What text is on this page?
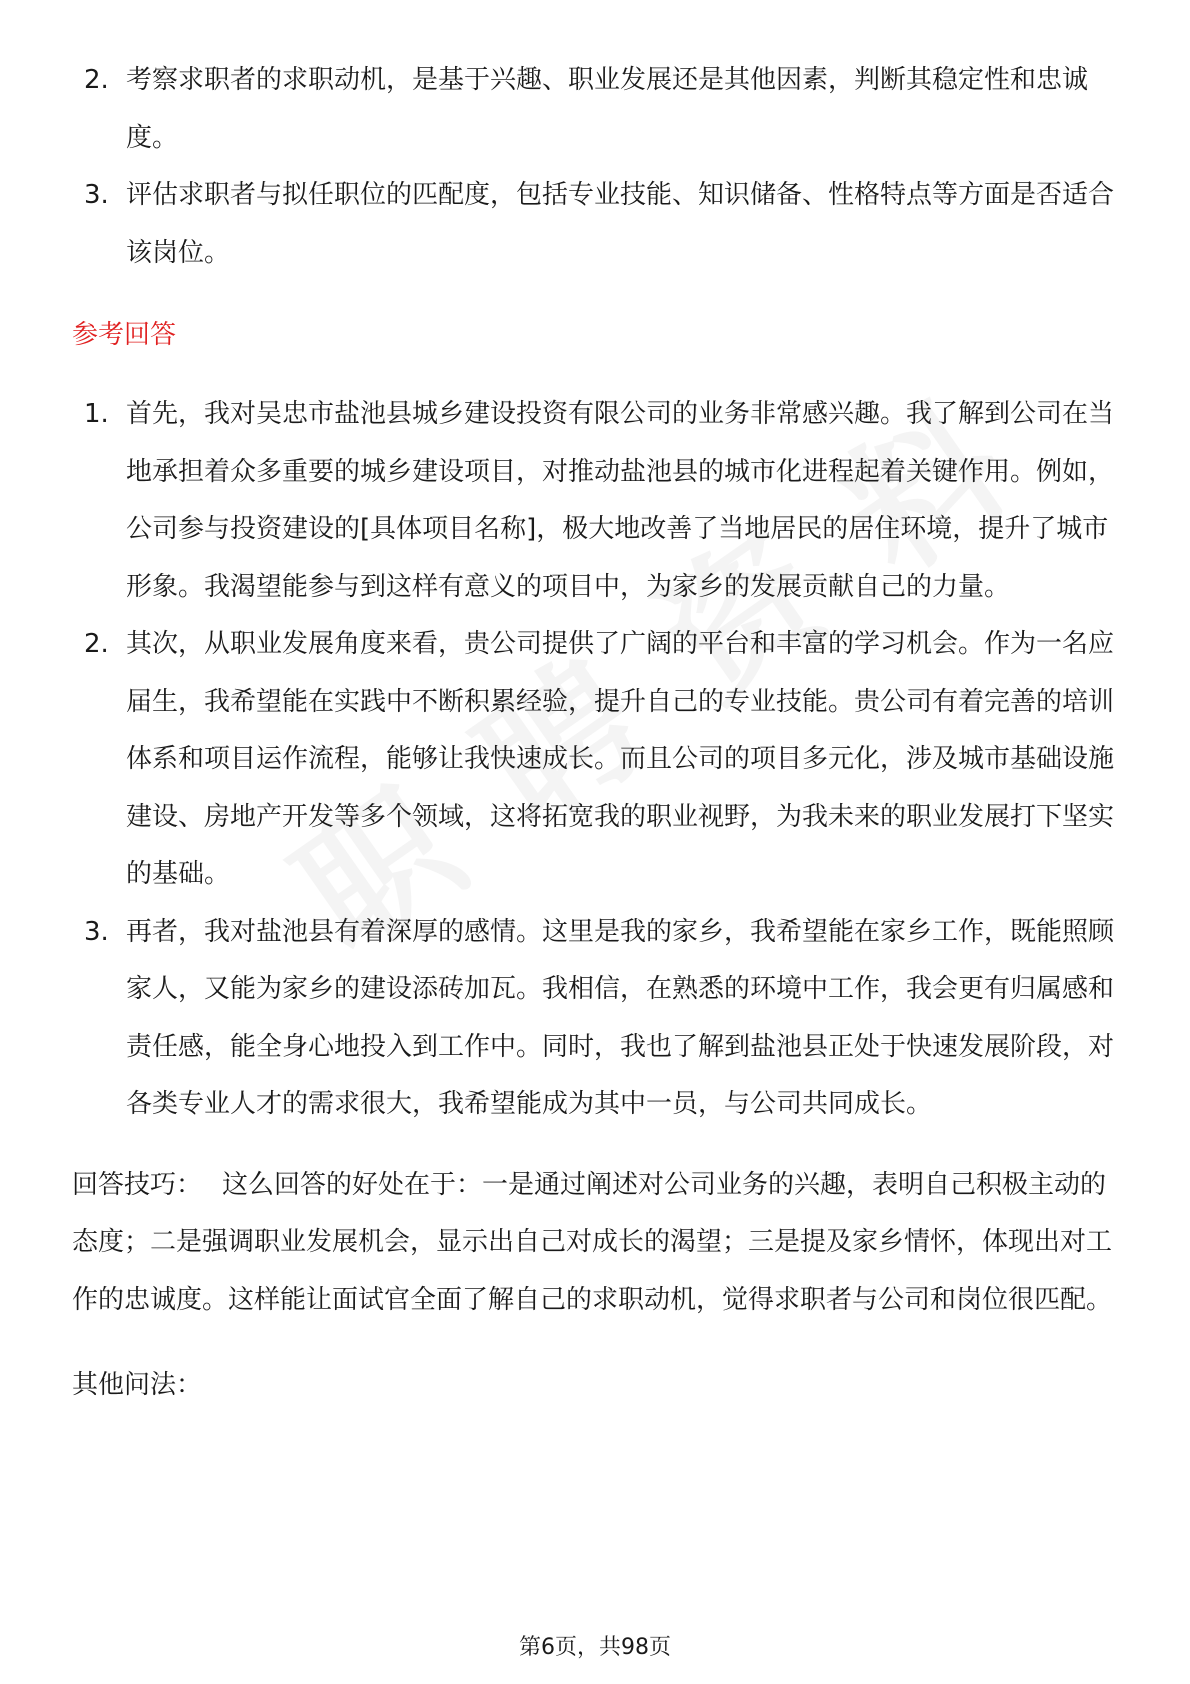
2. 考察求职者的求职动机，是基于兴趣、职业发展还是其他因素，判断其稳定性和忠诚度。
3. 评估求职者与拟任职位的匹配度，包括专业技能、知识储备、性格特点等方面是否适合该岗位。
参考回答
1. 首先，我对吴忠市盐池县城乡建设投资有限公司的业务非常感兴趣。我了解到公司在当地承担着众多重要的城乡建设项目，对推动盐池县的城市化进程起着关键作用。例如，公司参与投资建设的[具体项目名称]，极大地改善了当地居民的居住环境，提升了城市形象。我渴望能参与到这样有意义的项目中，为家乡的发展贡献自己的力量。
2. 其次，从职业发展角度来看，贵公司提供了广阔的平台和丰富的学习机会。作为一名应届生，我希望能在实践中不断积累经验，提升自己的专业技能。贵公司有着完善的培训体系和项目运作流程，能够让我快速成长。而且公司的项目多元化，涉及城市基础设施建设、房地产开发等多个领域，这将拓宽我的职业视野，为我未来的职业发展打下坚实的基础。
3. 再者，我对盐池县有着深厚的感情。这里是我的家乡，我希望能在家乡工作，既能照顾家人，又能为家乡的建设添砖加瓦。我相信，在熟悉的环境中工作，我会更有归属感和责任感，能全身心地投入到工作中。同时，我也了解到盐池县正处于快速发展阶段，对各类专业人才的需求很大，我希望能成为其中一员，与公司共同成长。
回答技巧： 这么回答的好处在于：一是通过阐述对公司业务的兴趣，表明自己积极主动的态度；二是强调职业发展机会，显示出自己对成长的渴望；三是提及家乡情怀，体现出对工作的忠诚度。这样能让面试官全面了解自己的求职动机，觉得求职者与公司和岗位很匹配。
其他问法：
第6页，共98页
